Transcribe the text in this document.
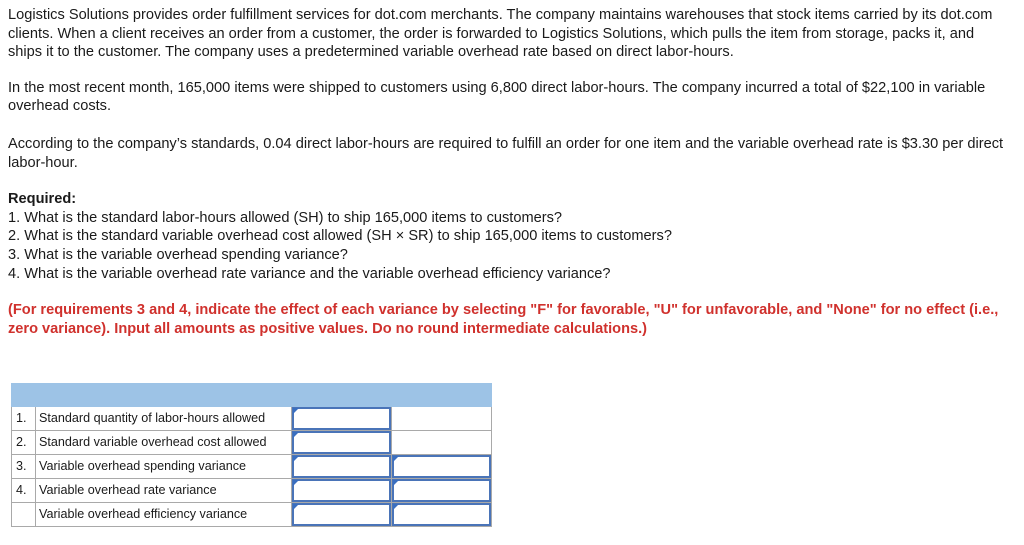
Logistics Solutions provides order fulfillment services for dot.com merchants. The company maintains warehouses that stock items carried by its dot.com clients. When a client receives an order from a customer, the order is forwarded to Logistics Solutions, which pulls the item from storage, packs it, and ships it to the customer. The company uses a predetermined variable overhead rate based on direct labor-hours.

In the most recent month, 165,000 items were shipped to customers using 6,800 direct labor-hours. The company incurred a total of $22,100 in variable overhead costs.

According to the company’s standards, 0.04 direct labor-hours are required to fulfill an order for one item and the variable overhead rate is $3.30 per direct labor-hour.

Required:

1. What is the standard labor-hours allowed (SH) to ship 165,000 items to customers?
2. What is the standard variable overhead cost allowed (SH × SR) to ship 165,000 items to customers?
3. What is the variable overhead spending variance?
4. What is the variable overhead rate variance and the variable overhead efficiency variance?

(For requirements 3 and 4, indicate the effect of each variance by selecting "F" for favorable, "U" for unfavorable, and "None" for no effect (i.e., zero variance). Input all amounts as positive values. Do no round intermediate calculations.)

1.	Standard quantity of labor-hours allowed	

2.	Standard variable overhead cost allowed	

3.	Variable overhead spending variance	

4.	Variable overhead rate variance	

	Variable overhead efficiency variance	
